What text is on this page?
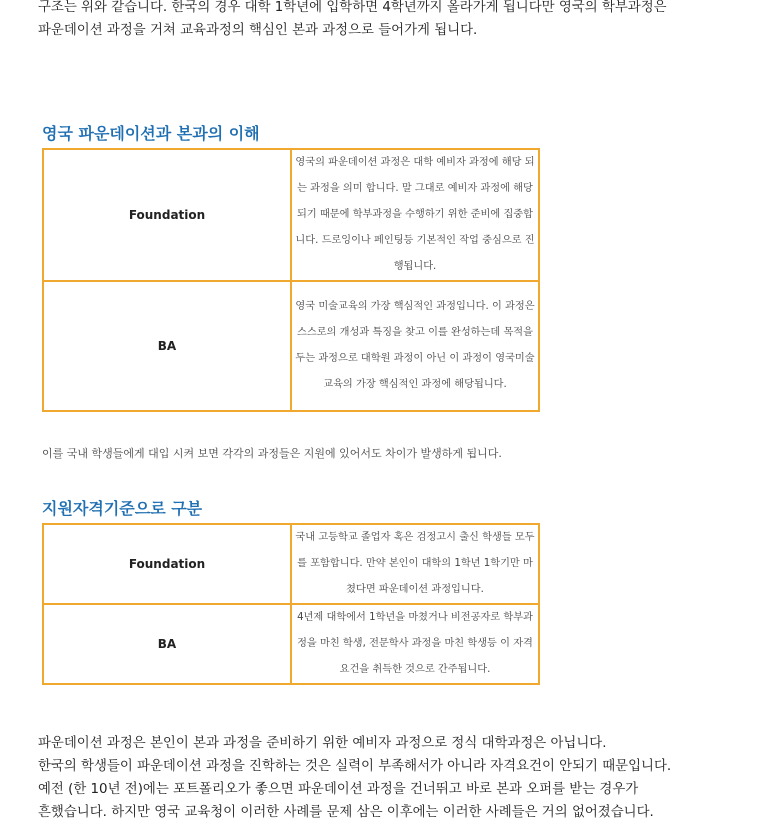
구조는 위와 같습니다. 한국의 경우 대학 1학년에 입학하면 4학년까지 올라가게 됩니다만 영국의 학부과정은
파운데이션 과정을 거쳐 교육과정의 핵심인 본과 과정으로 들어가게 됩니다.
영국 파운데이션과 본과의 이해
Foundation	영국의 파운데이션 과정은 대학 예비자 과정에 해당 되는 과정을 의미 합니다. 말 그대로 예비자 과정에 해당되기 때문에 학부과정을 수행하기 위한 준비에 집중합니다. 드로잉이나 페인팅등 기본적인 작업 중심으로 진행됩니다.
BA	영국 미술교육의 가장 핵심적인 과정입니다. 이 과정은 스스로의 개성과 특징을 찾고 이를 완성하는데 목적을 두는 과정으로 대학원 과정이 아닌 이 과정이 영국미술교육의 가장 핵심적인 과정에 해당됩니다.
이를 국내 학생들에게 대입 시켜 보면 각각의 과정들은 지원에 있어서도 차이가 발생하게 됩니다.
지원자격기준으로 구분
Foundation	국내 고등학교 졸업자 혹은 검정고시 출신 학생들 모두를 포함합니다. 만약 본인이 대학의 1학년 1학기만 마쳤다면 파운데이션 과정입니다.
BA	4년제 대학에서 1학년을 마쳤거나 비전공자로 학부과정을 마친 학생, 전문학사 과정을 마친 학생등 이 자격요건을 취득한 것으로 간주됩니다.
파운데이션 과정은 본인이 본과 과정을 준비하기 위한 예비자 과정으로 정식 대학과정은 아닙니다.
한국의 학생들이 파운데이션 과정을 진학하는 것은 실력이 부족해서가 아니라 자격요건이 안되기 때문입니다.
예전 (한 10년 전)에는 포트폴리오가 좋으면 파운데이션 과정을 건너뛰고 바로 본과 오퍼를 받는 경우가
흔했습니다. 하지만 영국 교육청이 이러한 사례를 문제 삼은 이후에는 이러한 사례들은 거의 없어졌습니다.
